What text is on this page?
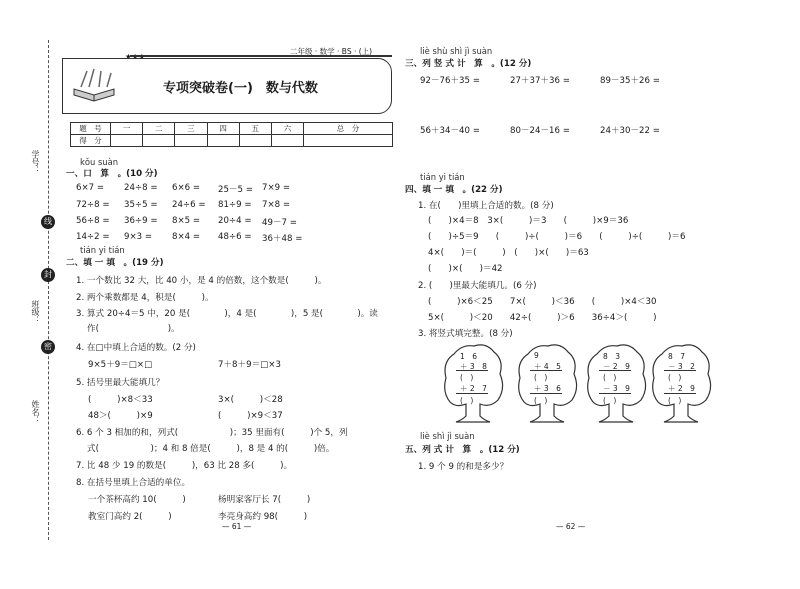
学号：
班级：
姓名：
线
封
密
★★★
二年级 · 数学 · BS · (上)
专项突破卷(一)　数与代数
题　号	一	二	三	四	五	六	总　分
得　分							
kǒu suàn
一、口　算　。(10 分)
6×7 = 24÷8 = 6×6 = 25－5 = 7×9 =
72÷8 = 35÷5 = 24÷6 = 81÷9 = 7×8 =
56÷8 = 36÷9 = 8×5 = 20÷4 = 49－7 =
14÷2 = 9×3 = 8×4 = 48÷6 = 36＋48 =
tián yi tián
二、填 一 填　。(19 分)
1. 一个数比 32 大，比 40 小，是 4 的倍数，这个数是(　　　)。
2. 两个乘数都是 4，积是(　　　)。
3. 算式 20÷4＝5 中，20 是(　　　　)，4 是(　　　　)，5 是(　　　　)。读
作(　　　　　　　　)。
4. 在□中填上合适的数。(2 分)
9×5＋9＝□×□	7＋8＋9＝□×3
5. 括号里最大能填几？
(　　　)×8＜33	3×(　　　)＜28
48＞(　　　)×9	(　　　)×9＜37
6. 6 个 3 相加的和，列式(　　　　　　)；35 里面有(　　　)个 5，列
式(　　　　　　)；4 和 8 倍是(　　　)，8 是 4 的(　　　)倍。
7. 比 48 少 19 的数是(　　　)，63 比 28 多(　　　)。
8. 在括号里填上合适的单位。
一个茶杯高约 10(　　　)	杨明家客厅长 7(　　　)
教室门高约 2(　　　)	李亮身高约 98(　　　)
— 61 —
liè shù shì jì suàn
三、列 竖 式 计　算　。(12 分)
92－76＋35 =	27＋37＋36 =	89－35＋26 =
56＋34－40 =	80－24－16 =	24＋30－22 =
tián yi tián
四、填 一 填　。(22 分)
1. 在(　　)里填上合适的数。(8 分)
(　　)×4＝8　3×(　　　)＝3　　(　　　)×9＝36
(　　)÷5＝9　　(　　　)÷(　　　)＝6　　(　　　)÷(　　　)＝6
4×(　　)＝(　　　)　(　　)×(　　)＝63
(　　)×(　　)＝42
2. (　　)里最大能填几。(6 分)
(　　　)×6＜25　　7×(　　　)＜36　　(　　　)×4＜30
5×(　　　)＜20　　42÷(　　　)＞6　　36÷4＞(　　　)
3. 将竖式填完整。(8 分)
1　6
＋ 3　8
(　)
＋ 2　7
(　)
9
＋ 4　5
(　)
＋ 3　6
(　)
8　3
－ 2　9
(　)
－ 3　9
(　)
8　7
－ 3　2
(　)
＋ 2　9
(　)
liè shì jì suàn
五、列 式 计　算　。(12 分)
1. 9 个 9 的和是多少？
— 62 —
